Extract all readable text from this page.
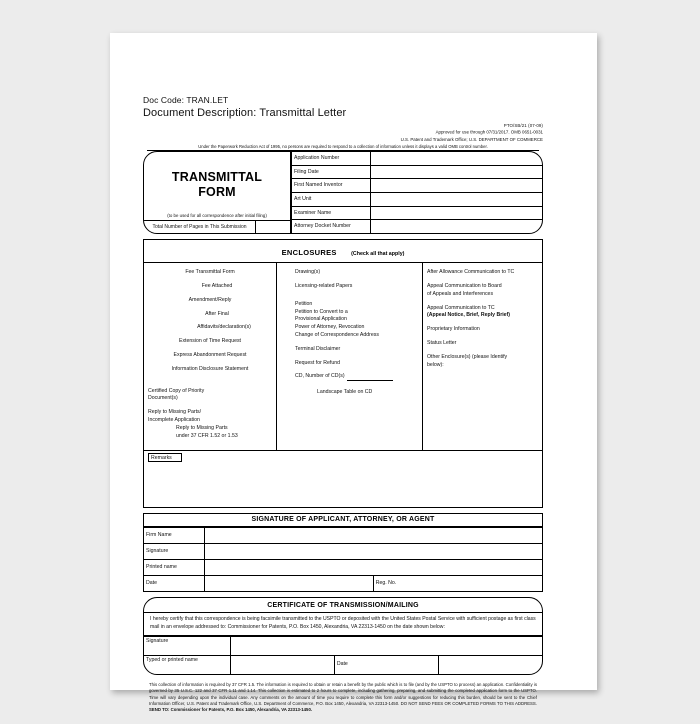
Doc Code: TRAN.LET
Document Description: Transmittal Letter
PTO/SB/21 (07-09)
Approved for use through 07/31/2017. OMB 0651-0031
U.S. Patent and Trademark Office; U.S. DEPARTMENT OF COMMERCE
Under the Paperwork Reduction Act of 1995, no persons are required to respond to a collection of information unless it displays a valid OMB control number.
TRANSMITTAL
FORM
(to be used for all correspondence after initial filing)
Total Number of Pages in This Submission
Application Number	
Filing Date	
First Named Inventor	
Art Unit	
Examiner Name	
Attorney Docket Number	
ENCLOSURES	(Check all that apply)
Fee Transmittal Form
Fee Attached
Amendment/Reply
After Final
Affidavits/declaration(s)
Extension of Time Request
Express Abandonment Request
Information Disclosure Statement
Certified Copy of Priority
Document(s)
Reply to Missing Parts/
Incomplete Application
Reply to Missing Parts
under 37 CFR 1.52 or 1.53
Drawing(s)
Licensing-related Papers
Petition
Petition to Convert to a
Provisional Application
Power of Attorney, Revocation
Change of Correspondence Address
Terminal Disclaimer
Request for Refund
CD, Number of CD(s)
Landscape Table on CD
After Allowance Communication to TC
Appeal Communication to Board
of Appeals and Interferences
Appeal Communication to TC
(Appeal Notice, Brief, Reply Brief)
Proprietary Information
Status Letter
Other Enclosure(s) (please Identify
below):
Remarks
SIGNATURE OF APPLICANT, ATTORNEY, OR AGENT
Firm Name		
Signature		
Printed name		
Date		Reg. No.
CERTIFICATE OF TRANSMISSION/MAILING
I hereby certify that this correspondence is being facsimile transmitted to the USPTO or deposited with the United States Postal Service with sufficient postage as first class mail in an envelope addressed to: Commissioner for Patents, P.O. Box 1450, Alexandria, VA 22313-1450 on the date shown below:
Signature			
Typed or printed name		Date	
This collection of information is required by 37 CFR 1.5. The information is required to obtain or retain a benefit by the public which is to file (and by the USPTO to process) an application. Confidentiality is governed by 35 U.S.C. 122 and 37 CFR 1.11 and 1.14. This collection is estimated to 2 hours to complete, including gathering, preparing, and submitting the completed application form to the USPTO. Time will vary depending upon the individual case. Any comments on the amount of time you require to complete this form and/or suggestions for reducing this burden, should be sent to the Chief Information Officer, U.S. Patent and Trademark Office, U.S. Department of Commerce, P.O. Box 1450, Alexandria, VA 22313-1450. DO NOT SEND FEES OR COMPLETED FORMS TO THIS ADDRESS. SEND TO: Commissioner for Patents, P.O. Box 1450, Alexandria, VA 22313-1450.
